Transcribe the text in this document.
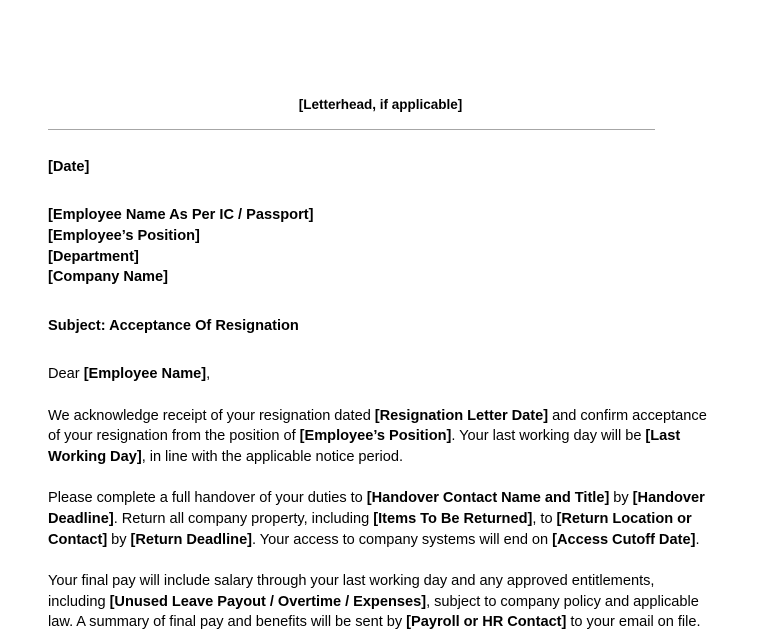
[Letterhead, if applicable]
[Date]
[Employee Name As Per IC / Passport]
[Employee’s Position]
[Department]
[Company Name]
Subject: Acceptance Of Resignation
Dear [Employee Name],
We acknowledge receipt of your resignation dated [Resignation Letter Date] and confirm acceptance of your resignation from the position of [Employee’s Position]. Your last working day will be [Last Working Day], in line with the applicable notice period.
Please complete a full handover of your duties to [Handover Contact Name and Title] by [Handover Deadline]. Return all company property, including [Items To Be Returned], to [Return Location or Contact] by [Return Deadline]. Your access to company systems will end on [Access Cutoff Date].
Your final pay will include salary through your last working day and any approved entitlements, including [Unused Leave Payout / Overtime / Expenses], subject to company policy and applicable law. A summary of final pay and benefits will be sent by [Payroll or HR Contact] to your email on file.
